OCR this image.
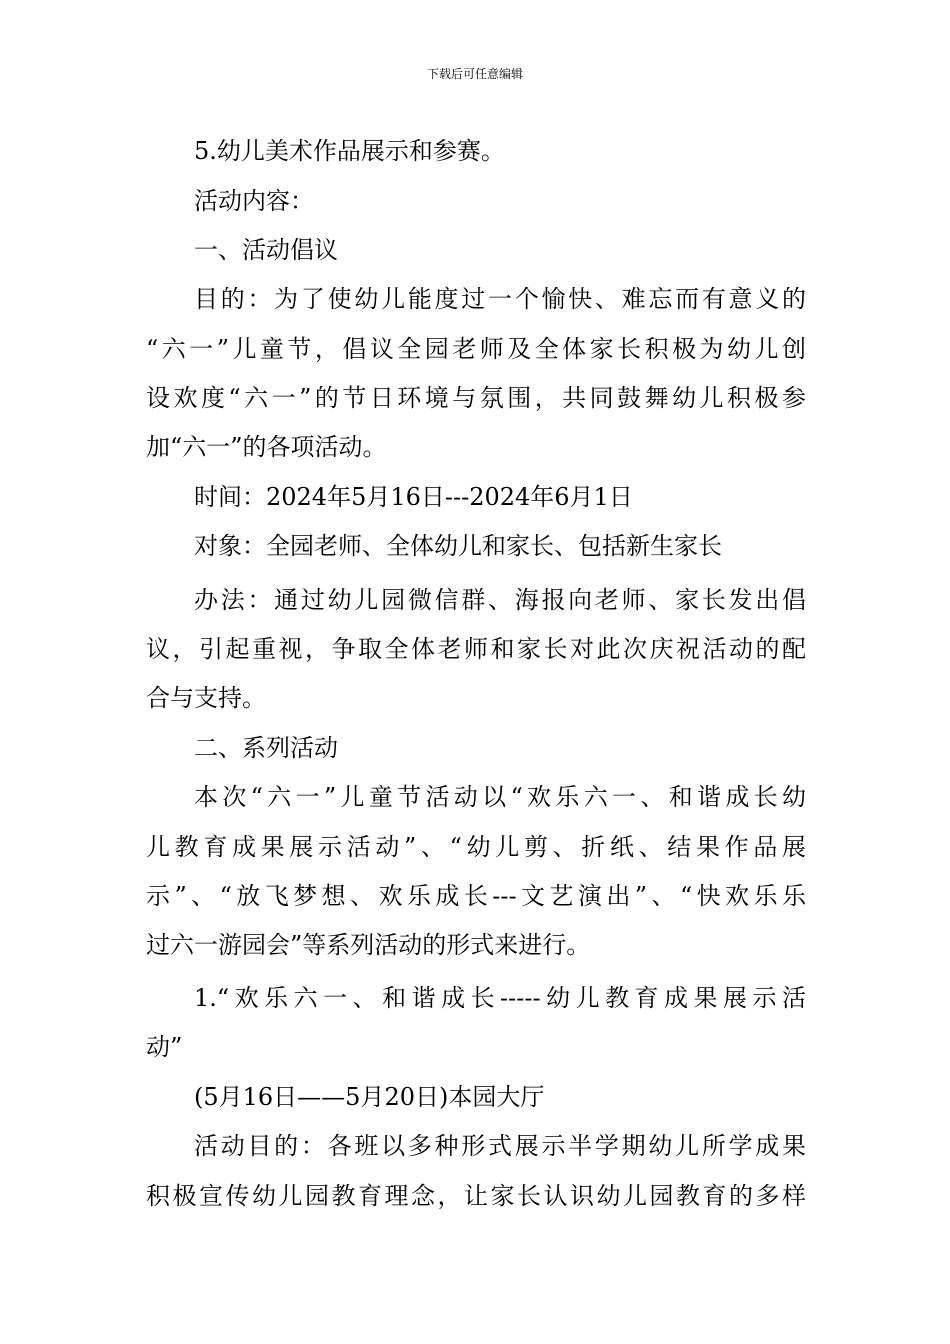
下载后可任意编辑
5.幼儿美术作品展示和参赛。
活动内容：
一、活动倡议
目的：为了使幼儿能度过一个愉快、难忘而有意义的
“六一”儿童节，倡议全园老师及全体家长积极为幼儿创
设欢度“六一”的节日环境与氛围，共同鼓舞幼儿积极参
加“六一”的各项活动。
时间：2024年5月16日---2024年6月1日
对象：全园老师、全体幼儿和家长、包括新生家长
办法：通过幼儿园微信群、海报向老师、家长发出倡
议，引起重视，争取全体老师和家长对此次庆祝活动的配
合与支持。
二、系列活动
本次“六一”儿童节活动以“欢乐六一、和谐成长幼
儿教育成果展示活动”、“幼儿剪、折纸、结果作品展
示”、“放飞梦想、欢乐成长---文艺演出”、“快欢乐乐
过六一游园会”等系列活动的形式来进行。
1.“欢乐六一、和谐成长-----幼儿教育成果展示活
动”
(5月16日——5月20日)本园大厅
活动目的：各班以多种形式展示半学期幼儿所学成果
积极宣传幼儿园教育理念，让家长认识幼儿园教育的多样
